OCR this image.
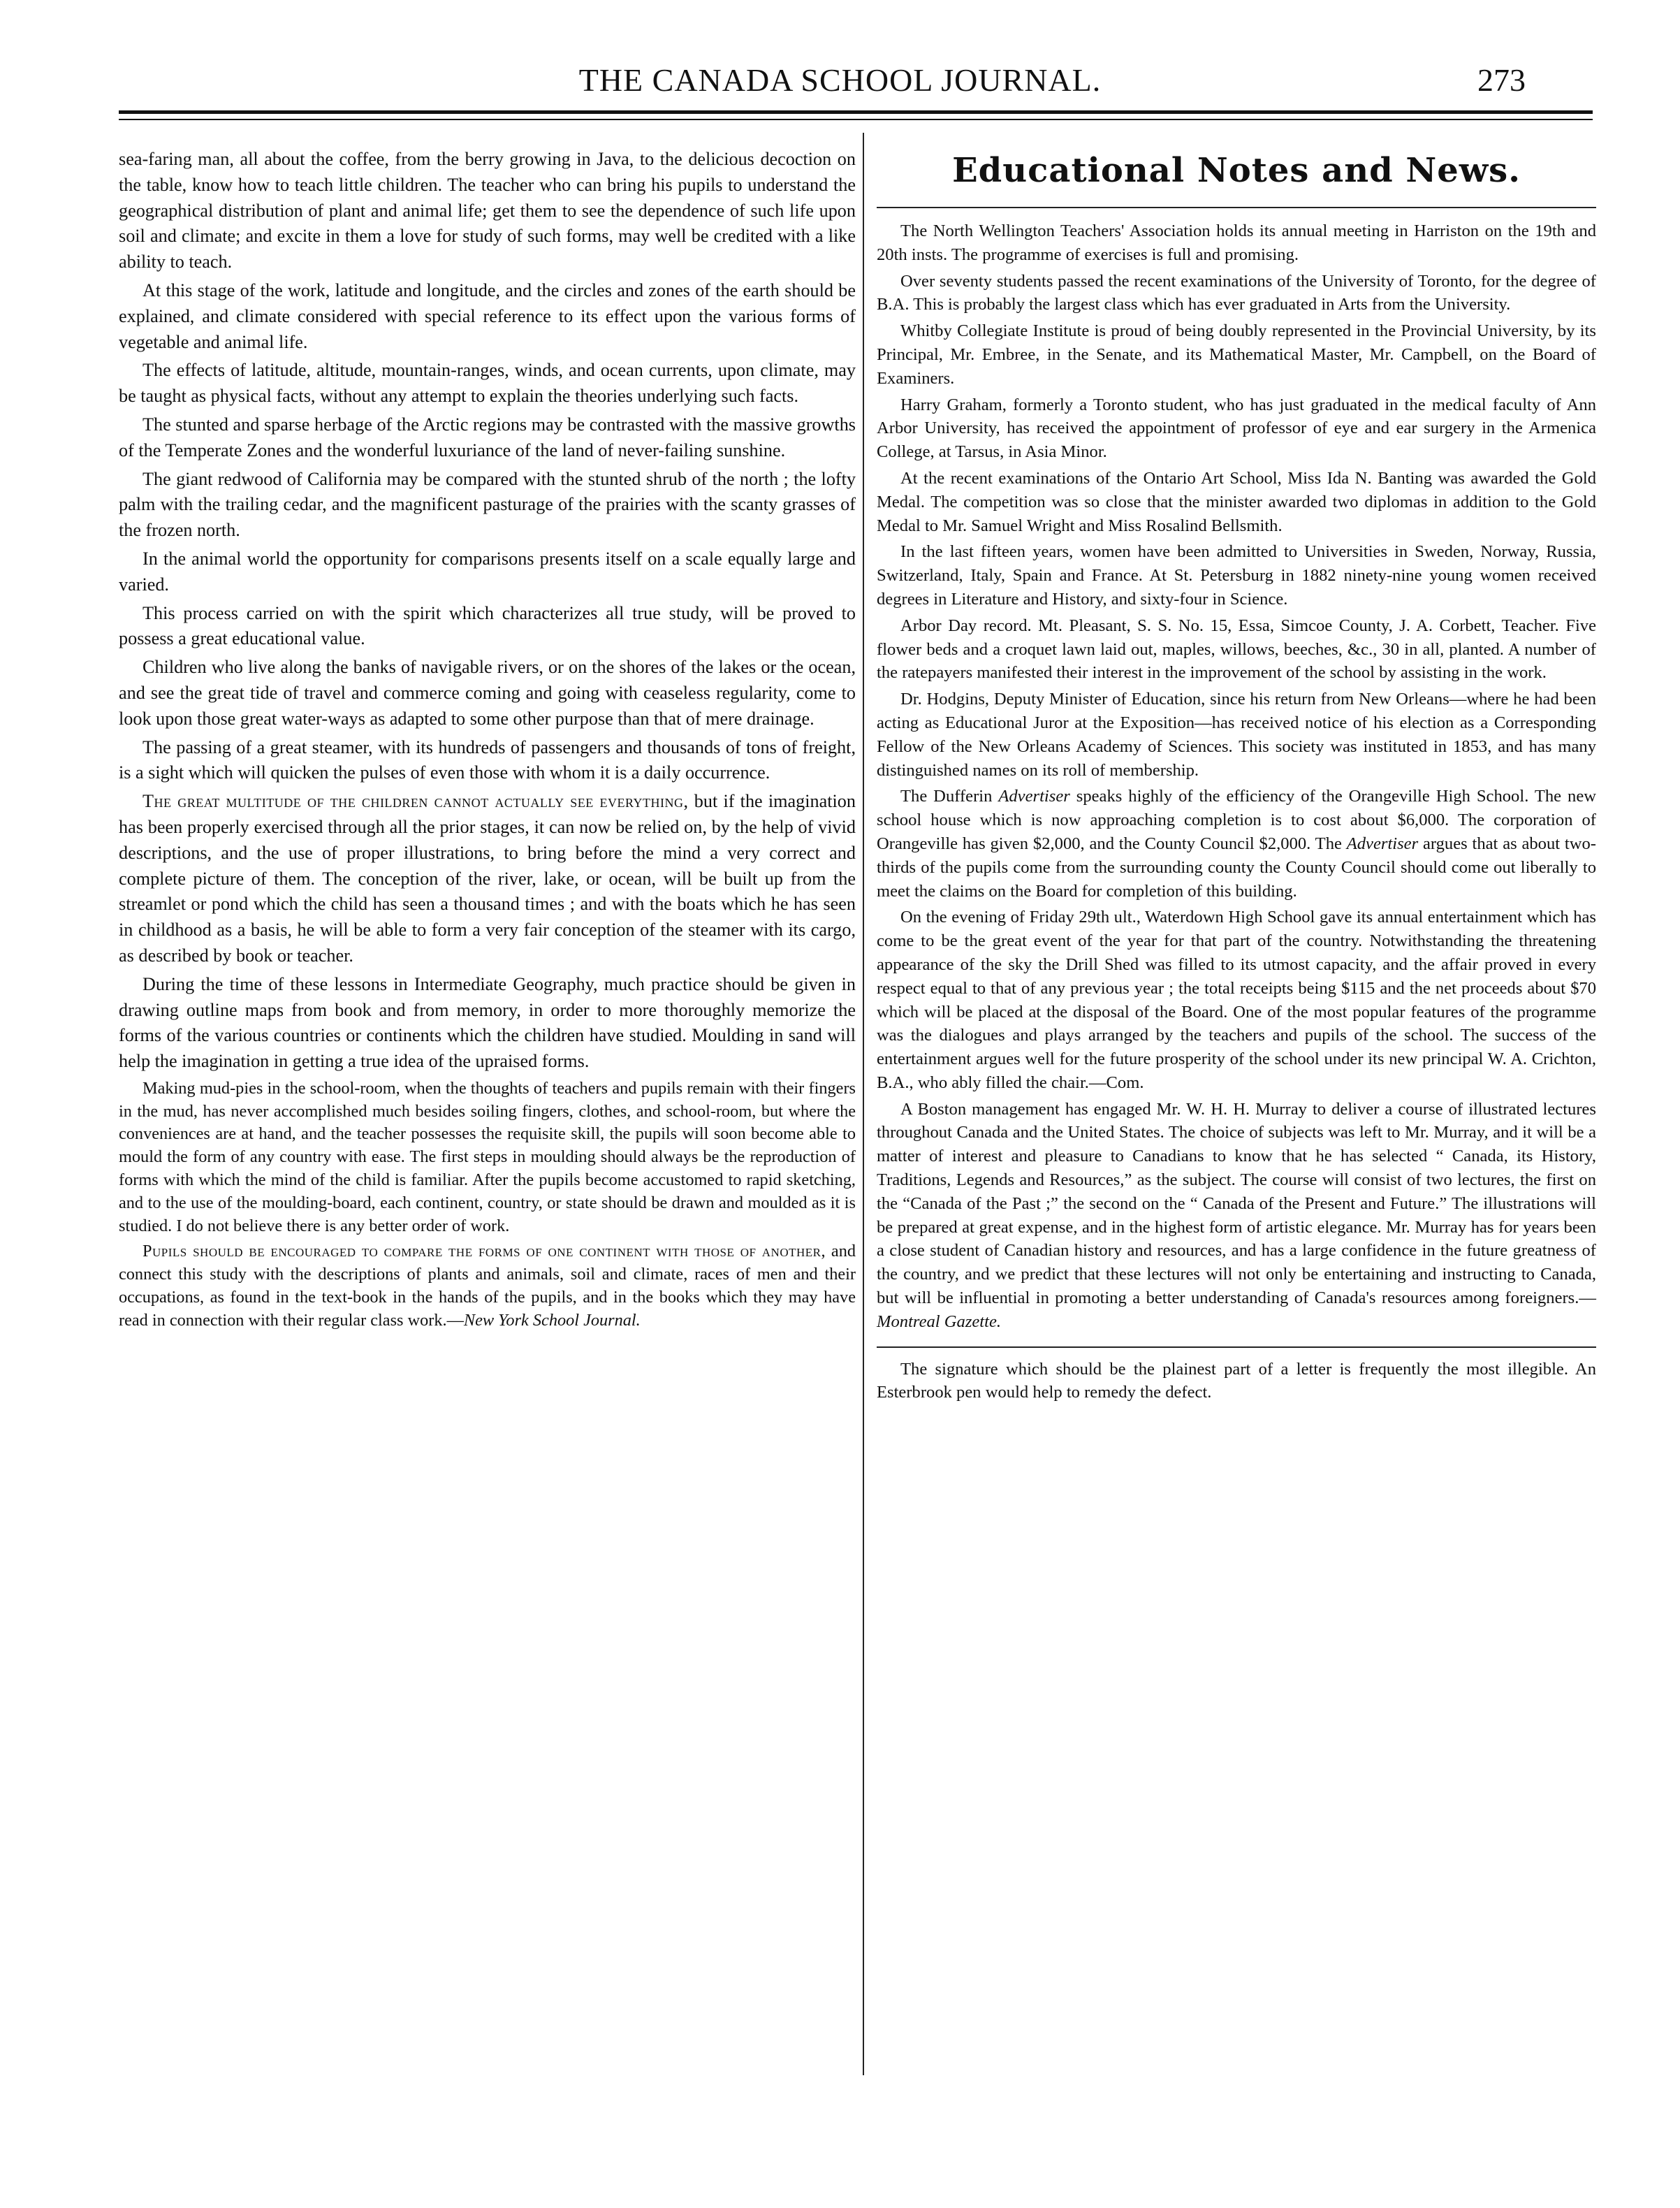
THE CANADA SCHOOL JOURNAL.	273

sea-faring man, all about the coffee, from the berry growing in Java, to the delicious decoction on the table, know how to teach little children. The teacher who can bring his pupils to understand the geographical distribution of plant and animal life; get them to see the dependence of such life upon soil and climate; and excite in them a love for study of such forms, may well be credited with a like ability to teach.

At this stage of the work, latitude and longitude, and the circles and zones of the earth should be explained, and climate considered with special reference to its effect upon the various forms of vegetable and animal life.

The effects of latitude, altitude, mountain-ranges, winds, and ocean currents, upon climate, may be taught as physical facts, without any attempt to explain the theories underlying such facts.

The stunted and sparse herbage of the Arctic regions may be contrasted with the massive growths of the Temperate Zones and the wonderful luxuriance of the land of never-failing sunshine.

The giant redwood of California may be compared with the stunted shrub of the north ; the lofty palm with the trailing cedar, and the magnificent pasturage of the prairies with the scanty grasses of the frozen north.

In the animal world the opportunity for comparisons presents itself on a scale equally large and varied.

This process carried on with the spirit which characterizes all true study, will be proved to possess a great educational value.

Children who live along the banks of navigable rivers, or on the shores of the lakes or the ocean, and see the great tide of travel and commerce coming and going with ceaseless regularity, come to look upon those great water-ways as adapted to some other purpose than that of mere drainage.

The passing of a great steamer, with its hundreds of passengers and thousands of tons of freight, is a sight which will quicken the pulses of even those with whom it is a daily occurrence.

The great multitude of the children cannot actually see everything, but if the imagination has been properly exercised through all the prior stages, it can now be relied on, by the help of vivid descriptions, and the use of proper illustrations, to bring before the mind a very correct and complete picture of them. The conception of the river, lake, or ocean, will be built up from the streamlet or pond which the child has seen a thousand times ; and with the boats which he has seen in childhood as a basis, he will be able to form a very fair conception of the steamer with its cargo, as described by book or teacher.

During the time of these lessons in Intermediate Geography, much practice should be given in drawing outline maps from book and from memory, in order to more thoroughly memorize the forms of the various countries or continents which the children have studied. Moulding in sand will help the imagination in getting a true idea of the upraised forms.

Making mud-pies in the school-room, when the thoughts of teachers and pupils remain with their fingers in the mud, has never accomplished much besides soiling fingers, clothes, and school-room, but where the conveniences are at hand, and the teacher possesses the requisite skill, the pupils will soon become able to mould the form of any country with ease. The first steps in moulding should always be the reproduction of forms with which the mind of the child is familiar. After the pupils become accustomed to rapid sketching, and to the use of the moulding-board, each continent, country, or state should be drawn and moulded as it is studied. I do not believe there is any better order of work.

Pupils should be encouraged to compare the forms of one continent with those of another, and connect this study with the descriptions of plants and animals, soil and climate, races of men and their occupations, as found in the text-book in the hands of the pupils, and in the books which they may have read in connection with their regular class work.—New York School Journal.

Educational Notes and News.

The North Wellington Teachers' Association holds its annual meeting in Harriston on the 19th and 20th insts. The programme of exercises is full and promising.

Over seventy students passed the recent examinations of the University of Toronto, for the degree of B.A. This is probably the largest class which has ever graduated in Arts from the University.

Whitby Collegiate Institute is proud of being doubly represented in the Provincial University, by its Principal, Mr. Embree, in the Senate, and its Mathematical Master, Mr. Campbell, on the Board of Examiners.

Harry Graham, formerly a Toronto student, who has just graduated in the medical faculty of Ann Arbor University, has received the appointment of professor of eye and ear surgery in the Armenica College, at Tarsus, in Asia Minor.

At the recent examinations of the Ontario Art School, Miss Ida N. Banting was awarded the Gold Medal. The competition was so close that the minister awarded two diplomas in addition to the Gold Medal to Mr. Samuel Wright and Miss Rosalind Bellsmith.

In the last fifteen years, women have been admitted to Universities in Sweden, Norway, Russia, Switzerland, Italy, Spain and France. At St. Petersburg in 1882 ninety-nine young women received degrees in Literature and History, and sixty-four in Science.

Arbor Day record. Mt. Pleasant, S. S. No. 15, Essa, Simcoe County, J. A. Corbett, Teacher. Five flower beds and a croquet lawn laid out, maples, willows, beeches, &c., 30 in all, planted. A number of the ratepayers manifested their interest in the improvement of the school by assisting in the work.

Dr. Hodgins, Deputy Minister of Education, since his return from New Orleans—where he had been acting as Educational Juror at the Exposition—has received notice of his election as a Corresponding Fellow of the New Orleans Academy of Sciences. This society was instituted in 1853, and has many distinguished names on its roll of membership.

The Dufferin Advertiser speaks highly of the efficiency of the Orangeville High School. The new school house which is now approaching completion is to cost about $6,000. The corporation of Orangeville has given $2,000, and the County Council $2,000. The Advertiser argues that as about two-thirds of the pupils come from the surrounding county the County Council should come out liberally to meet the claims on the Board for completion of this building.

On the evening of Friday 29th ult., Waterdown High School gave its annual entertainment which has come to be the great event of the year for that part of the country. Notwithstanding the threatening appearance of the sky the Drill Shed was filled to its utmost capacity, and the affair proved in every respect equal to that of any previous year ; the total receipts being $115 and the net proceeds about $70 which will be placed at the disposal of the Board. One of the most popular features of the programme was the dialogues and plays arranged by the teachers and pupils of the school. The success of the entertainment argues well for the future prosperity of the school under its new principal W. A. Crichton, B.A., who ably filled the chair.—Com.

A Boston management has engaged Mr. W. H. H. Murray to deliver a course of illustrated lectures throughout Canada and the United States. The choice of subjects was left to Mr. Murray, and it will be a matter of interest and pleasure to Canadians to know that he has selected “ Canada, its History, Traditions, Legends and Resources,” as the subject. The course will consist of two lectures, the first on the “Canada of the Past ;” the second on the “ Canada of the Present and Future.” The illustrations will be prepared at great expense, and in the highest form of artistic elegance. Mr. Murray has for years been a close student of Canadian history and resources, and has a large confidence in the future greatness of the country, and we predict that these lectures will not only be entertaining and instructing to Canada, but will be influential in promoting a better understanding of Canada's resources among foreigners.—Montreal Gazette.

The signature which should be the plainest part of a letter is frequently the most illegible. An Esterbrook pen would help to remedy the defect.
